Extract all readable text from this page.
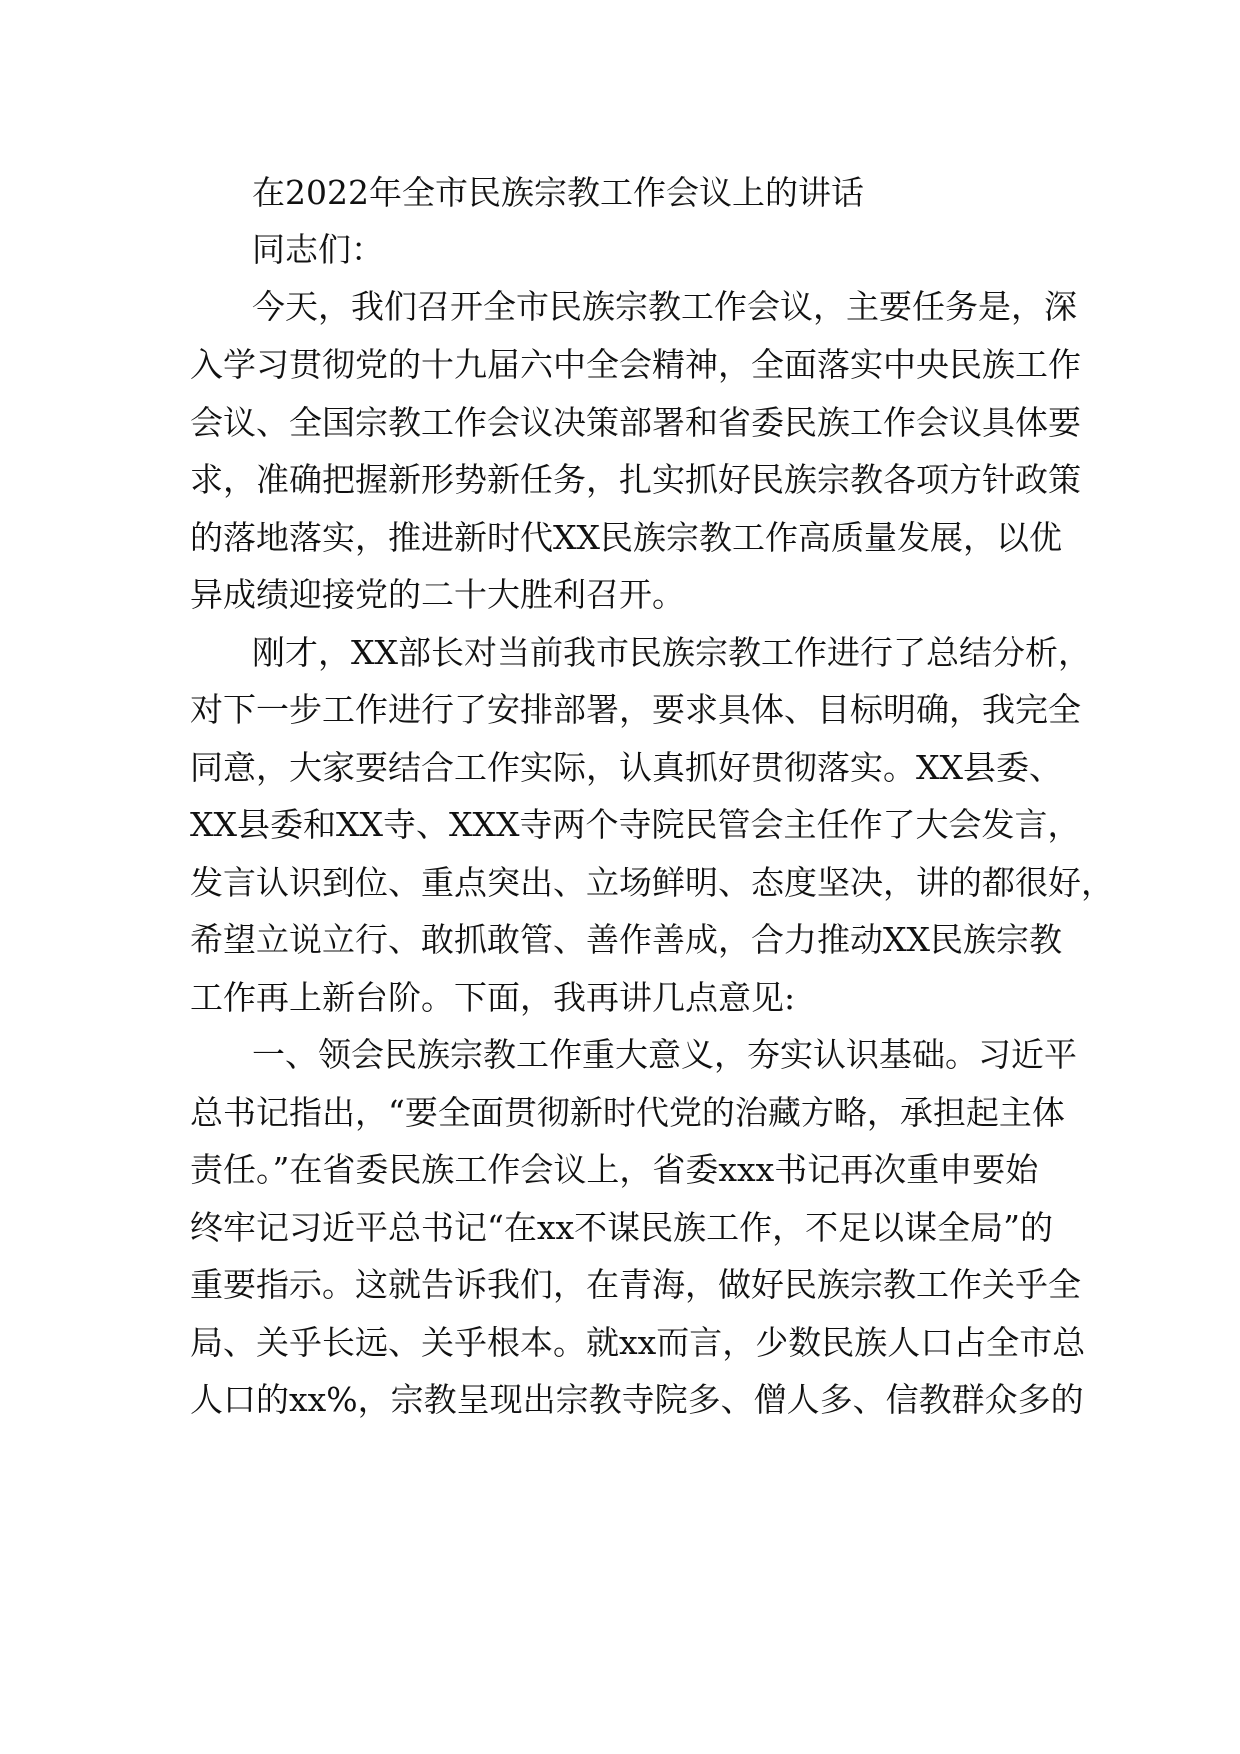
在2022年全市民族宗教工作会议上的讲话

同志们：

今天，我们召开全市民族宗教工作会议，主要任务是，深

入学习贯彻党的十九届六中全会精神，全面落实中央民族工作

会议、全国宗教工作会议决策部署和省委民族工作会议具体要

求，准确把握新形势新任务，扎实抓好民族宗教各项方针政策

的落地落实，推进新时代XX民族宗教工作高质量发展，以优

异成绩迎接党的二十大胜利召开。

刚才，XX部长对当前我市民族宗教工作进行了总结分析，

对下一步工作进行了安排部署，要求具体、目标明确，我完全

同意，大家要结合工作实际，认真抓好贯彻落实。XX县委、

XX县委和XX寺、XXX寺两个寺院民管会主任作了大会发言，

发言认识到位、重点突出、立场鲜明、态度坚决，讲的都很好，

希望立说立行、敢抓敢管、善作善成，合力推动XX民族宗教

工作再上新台阶。下面，我再讲几点意见:

一、领会民族宗教工作重大意义，夯实认识基础。习近平

总书记指出，“要全面贯彻新时代党的治藏方略，承担起主体

责任。”在省委民族工作会议上，省委xxx书记再次重申要始

终牢记习近平总书记“在xx不谋民族工作，不足以谋全局”的

重要指示。这就告诉我们，在青海，做好民族宗教工作关乎全

局、关乎长远、关乎根本。就xx而言，少数民族人口占全市总

人口的xx%，宗教呈现出宗教寺院多、僧人多、信教群众多的
